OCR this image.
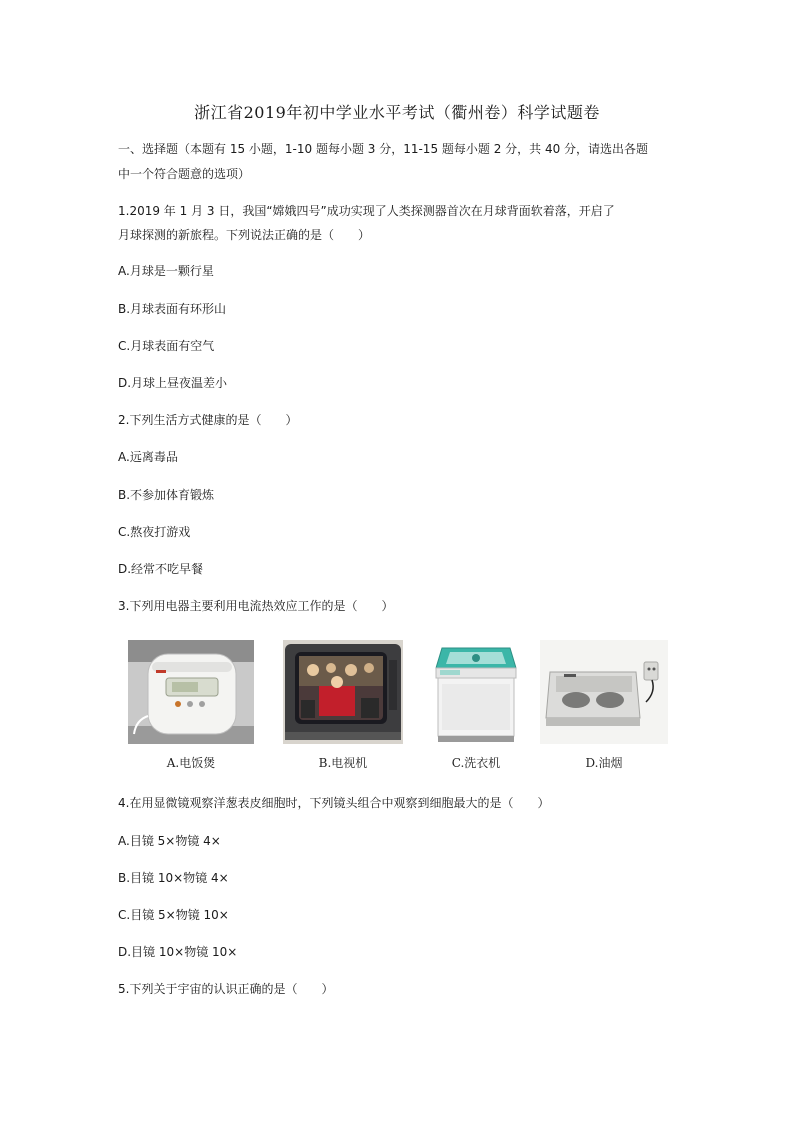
浙江省2019年初中学业水平考试（衢州卷）科学试题卷
一、选择题（本题有 15 小题，1-10 题每小题 3 分，11-15 题每小题 2 分，共 40 分，请选出各题
中一个符合题意的选项）
1.2019 年 1 月 3 日，我国“嫦娥四号”成功实现了人类探测器首次在月球背面软着落，开启了
月球探测的新旅程。下列说法正确的是（　　）
A.月球是一颗行星
B.月球表面有环形山
C.月球表面有空气
D.月球上昼夜温差小
2.下列生活方式健康的是（　　）
A.远离毒品
B.不参加体育锻炼
C.熬夜打游戏
D.经常不吃早餐
3.下列用电器主要利用电流热效应工作的是（　　）
A.电饭煲	B.电视机	C.洗衣机	D.油烟
4.在用显微镜观察洋葱表皮细胞时，下列镜头组合中观察到细胞最大的是（　　）
A.目镜 5×物镜 4×
B.目镜 10×物镜 4×
C.目镜 5×物镜 10×
D.目镜 10×物镜 10×
5.下列关于宇宙的认识正确的是（　　）
